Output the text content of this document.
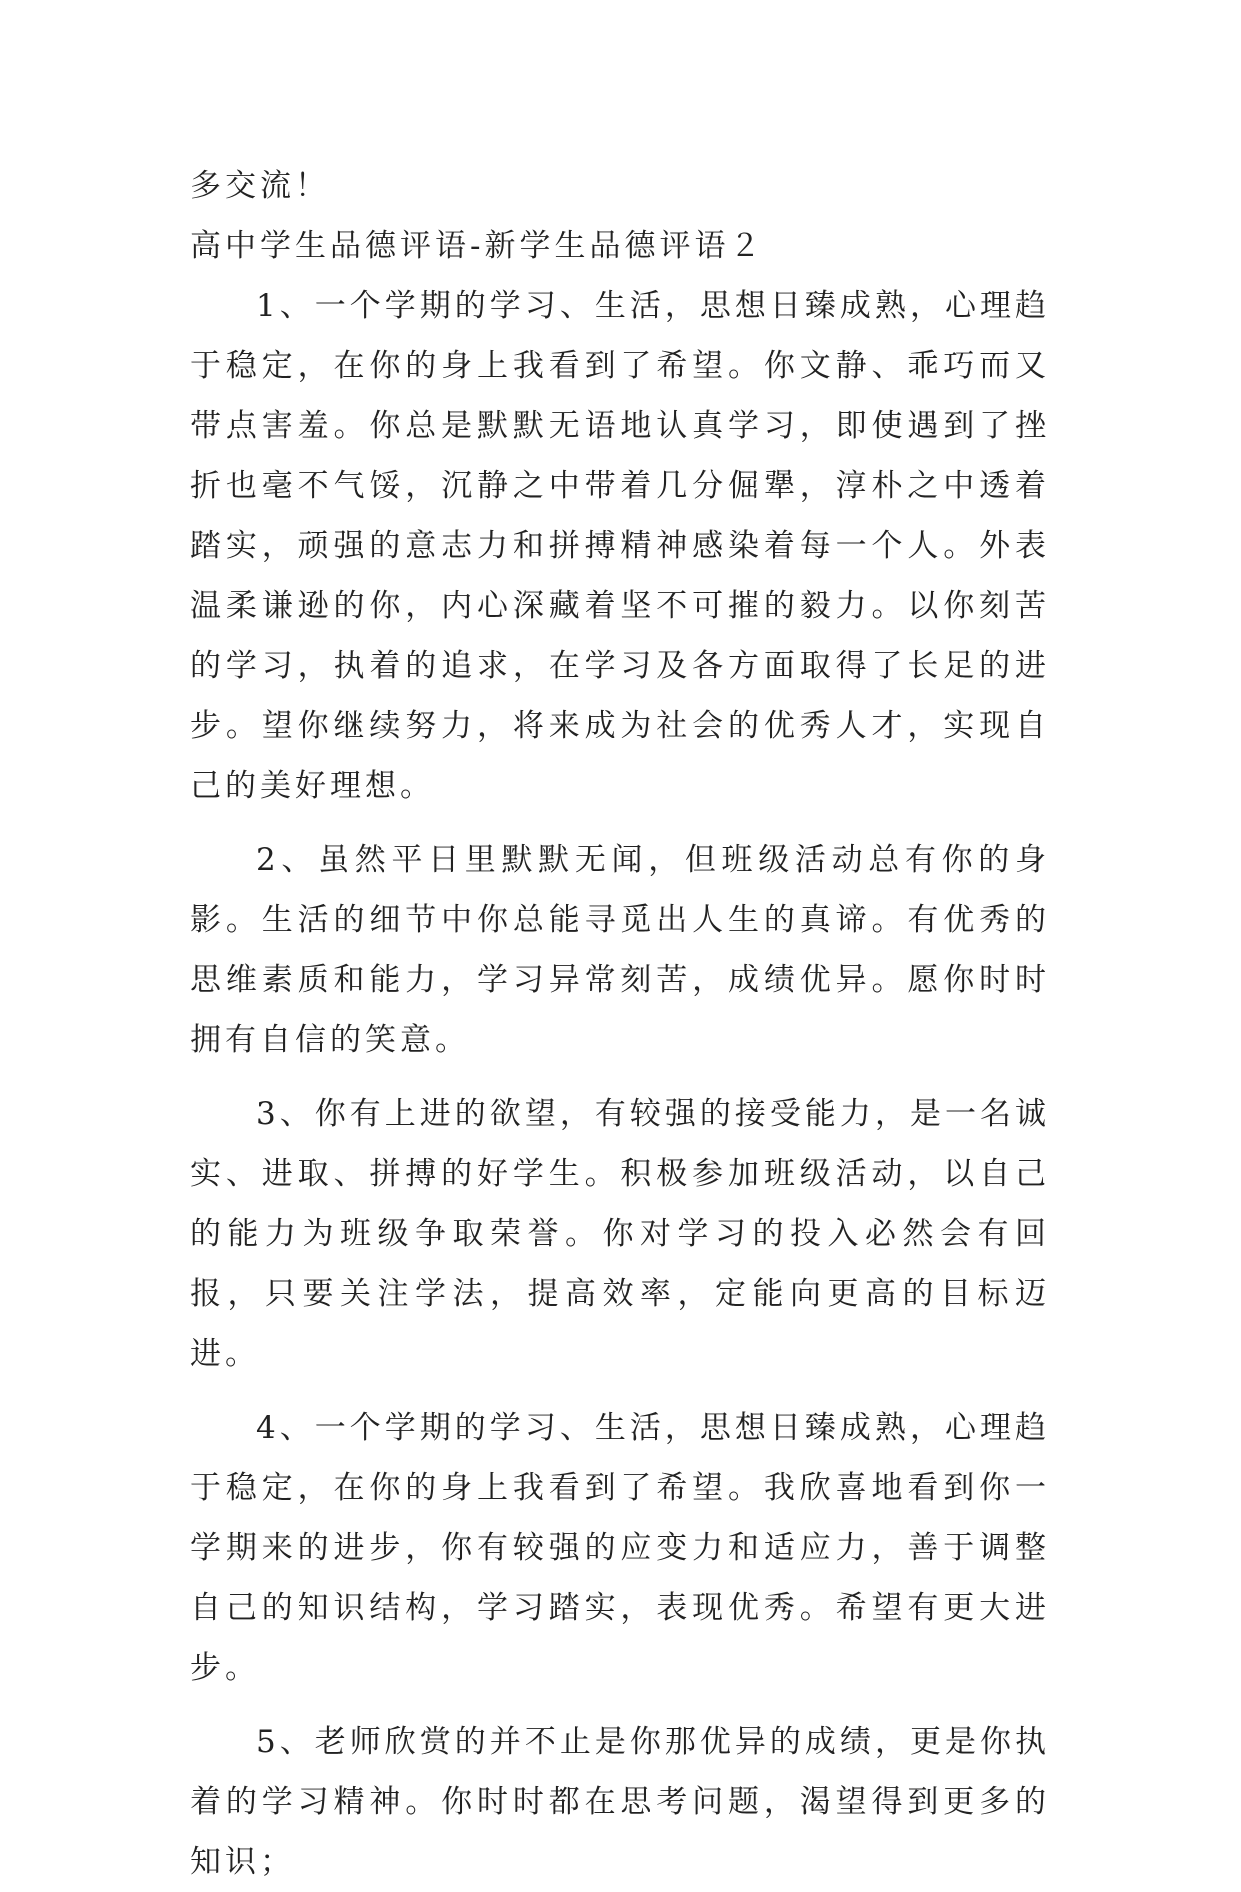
多交流！

高中学生品德评语-新学生品德评语２

1、一个学期的学习、生活，思想日臻成熟，心理趋于稳定，在你的身上我看到了希望。你文静、乖巧而又带点害羞。你总是默默无语地认真学习，即使遇到了挫折也毫不气馁，沉静之中带着几分倔犟，淳朴之中透着踏实，顽强的意志力和拼搏精神感染着每一个人。外表温柔谦逊的你，内心深藏着坚不可摧的毅力。以你刻苦的学习，执着的追求，在学习及各方面取得了长足的进步。望你继续努力，将来成为社会的优秀人才，实现自己的美好理想。

2、虽然平日里默默无闻，但班级活动总有你的身影。生活的细节中你总能寻觅出人生的真谛。有优秀的思维素质和能力，学习异常刻苦，成绩优异。愿你时时拥有自信的笑意。

3、你有上进的欲望，有较强的接受能力，是一名诚实、进取、拼搏的好学生。积极参加班级活动，以自己的能力为班级争取荣誉。你对学习的投入必然会有回报，只要关注学法，提高效率，定能向更高的目标迈进。

4、一个学期的学习、生活，思想日臻成熟，心理趋于稳定，在你的身上我看到了希望。我欣喜地看到你一学期来的进步，你有较强的应变力和适应力，善于调整自己的知识结构，学习踏实，表现优秀。希望有更大进步。

5、老师欣赏的并不止是你那优异的成绩，更是你执着的学习精神。你时时都在思考问题，渴望得到更多的知识；
